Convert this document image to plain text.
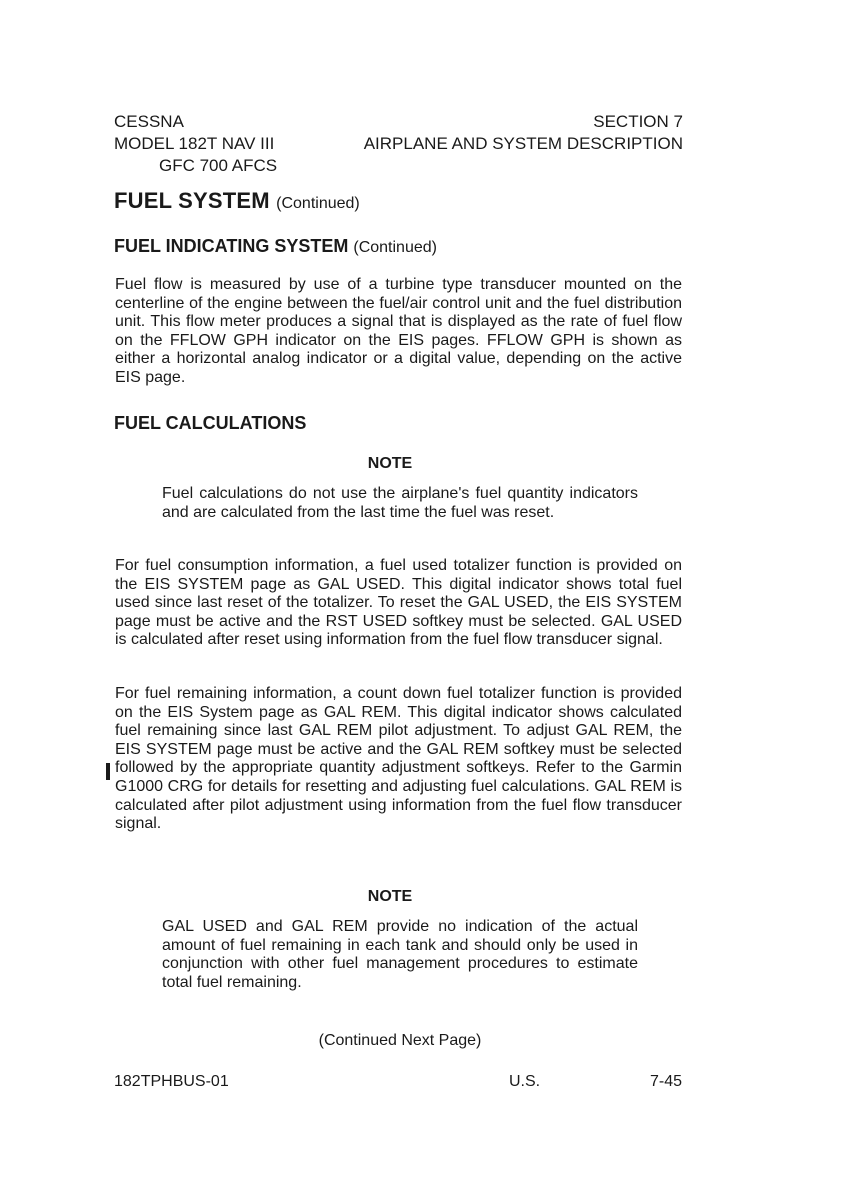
CESSNA
MODEL 182T NAV III
GFC 700 AFCS
SECTION 7
AIRPLANE AND SYSTEM DESCRIPTION
FUEL SYSTEM (Continued)
FUEL INDICATING SYSTEM (Continued)
Fuel flow is measured by use of a turbine type transducer mounted on the centerline of the engine between the fuel/air control unit and the fuel distribution unit. This flow meter produces a signal that is displayed as the rate of fuel flow on the FFLOW GPH indicator on the EIS pages. FFLOW GPH is shown as either a horizontal analog indicator or a digital value, depending on the active EIS page.
FUEL CALCULATIONS
NOTE
Fuel calculations do not use the airplane's fuel quantity indicators and are calculated from the last time the fuel was reset.
For fuel consumption information, a fuel used totalizer function is provided on the EIS SYSTEM page as GAL USED. This digital indicator shows total fuel used since last reset of the totalizer. To reset the GAL USED, the EIS SYSTEM page must be active and the RST USED softkey must be selected. GAL USED is calculated after reset using information from the fuel flow transducer signal.
For fuel remaining information, a count down fuel totalizer function is provided on the EIS System page as GAL REM. This digital indicator shows calculated fuel remaining since last GAL REM pilot adjustment. To adjust GAL REM, the EIS SYSTEM page must be active and the GAL REM softkey must be selected followed by the appropriate quantity adjustment softkeys. Refer to the Garmin G1000 CRG for details for resetting and adjusting fuel calculations. GAL REM is calculated after pilot adjustment using information from the fuel flow transducer signal.
NOTE
GAL USED and GAL REM provide no indication of the actual amount of fuel remaining in each tank and should only be used in conjunction with other fuel management procedures to estimate total fuel remaining.
(Continued Next Page)
182TPHBUS-01	U.S.	7-45
